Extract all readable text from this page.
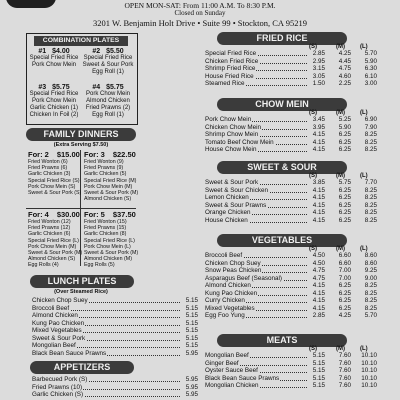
OPEN MON-SAT: From 11:00 A.M. To 8:30 P.M.
Closed on Sunday
3201 W. Benjamin Holt Drive • Suite 99 • Stockton, CA 95219
COMBINATION PLATES
#1 $4.00
Special Fried Rice
Pork Chow Mein
#2 $5.50
Special Fried Rice
Sweet & Sour Pork
Egg Roll (1)
#3 $5.75
Special Fried Rice
Pork Chow Mein
Garlic Chicken (1)
Chicken In Foil (2)
#4 $5.75
Pork Chow Mein
Almond Chicken
Fried Prawns (2)
Egg Roll (1)
FAMILY DINNERS
(Extra Serving $7.50)
For: 2 $15.00
Fried Wonton (6)
Fried Prawns (6)
Garlic Chicken (3)
Special Fried Rice (S)
Pork Chow Mein (S)
Sweet & Sour Pork (S)
For: 3 $22.50
Fried Wonton (9)
Fried Prawns (9)
Garlic Chicken (5)
Special Fried Rice (M)
Pork Chow Mein (M)
Sweet & Sour Pork (M)
Almond Chicken (S)
For: 4 $30.00
Fried Wonton (12)
Fried Prawns (12)
Garlic Chicken (6)
Special Fried Rice (L)
Pork Chow Mein (M)
Sweet & Sour Pork (M)
Almond Chicken (S)
Egg Rolls (4)
For: 5 $37.50
Fried Wonton (15)
Fried Prawns (15)
Garlic Chicken (8)
Special Fried Rice (L)
Pork Chow Mein (L)
Sweet & Sour Pork (M)
Almond Chicken (M)
Egg Rolls (5)
LUNCH PLATES
(Over Steamed Rice)
Chicken Chop Suey	5.15
Broccoli Beef	5.15
Almond Chicken	5.15
Kung Pao Chicken	5.15
Mixed Vegetables	5.15
Sweet & Sour Pork	5.15
Mongolian Beef	5.15
Black Bean Sauce Prawns	5.95
APPETIZERS
Barbecued Pork (S)	5.95
Fried Prawns (10)	5.95
Garlic Chicken (S)	5.95
FRIED RICE
(S)	(M)	(L)
Special Fried Rice	2.85	4.25	5.70
Chicken Fried Rice	2.95	4.45	5.90
Shrimp Fried Rice	3.15	4.75	6.30
House Fried Rice	3.05	4.60	6.10
Steamed Rice	1.50	2.25	3.00
CHOW MEIN
(S)	(M)	(L)
Pork Chow Mein	3.45	5.25	6.90
Chicken Chow Mein	3.95	5.90	7.90
Shrimp Chow Mein	4.15	6.25	8.25
Tomato Beef Chow Mein	4.15	6.25	8.25
House Chow Mein	4.15	6.25	8.25
SWEET & SOUR
(S)	(M)	(L)
Sweet & Sour Pork	3.85	5.75	7.70
Sweet & Sour Chicken	4.15	6.25	8.25
Lemon Chicken	4.15	6.25	8.25
Sweet & Sour Prawns	4.15	6.25	8.25
Orange Chicken	4.15	6.25	8.25
House Chicken	4.15	6.25	8.25
VEGETABLES
(S)	(M)	(L)
Broccoli Beef	4.50	6.60	8.60
Chicken Chop Suey	4.50	6.60	8.60
Snow Peas Chicken	4.75	7.00	9.25
Asparagus Beef (Seasonal)	4.75	7.00	9.00
Almond Chicken	4.15	6.25	8.25
Kung Pao Chicken	4.15	6.25	8.25
Curry Chicken	4.15	6.25	8.25
Mixed Vegetables	4.15	6.25	8.25
Egg Foo Yung	2.85	4.25	5.70
MEATS
(S)	(M)	(L)
Mongolian Beef	5.15	7.60	10.10
Ginger Beef	5.15	7.60	10.10
Oyster Sauce Beef	5.15	7.60	10.10
Black Bean Sauce Prawns	5.15	7.60	10.10
Mongolian Chicken	5.15	7.60	10.10
